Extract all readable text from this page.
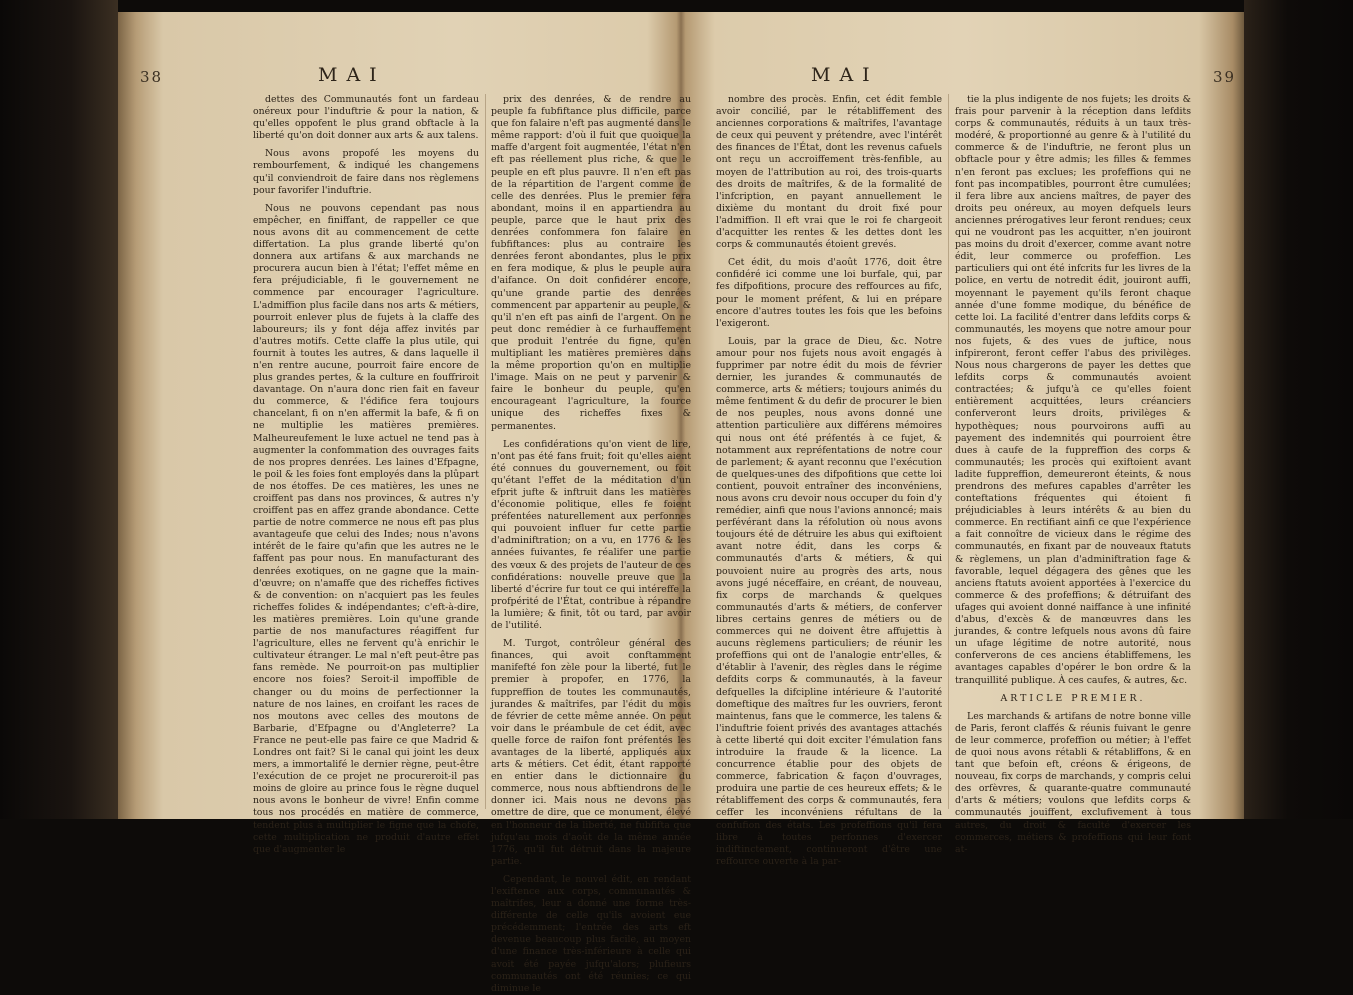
38	MAI

dettes des Communautés font un fardeau onéreux pour l'induftrie & pour la nation, & qu'elles oppofent le plus grand obftacle à la liberté qu'on doit donner aux arts & aux talens.

Nous avons propofé les moyens du rembourfement, & indiqué les changemens qu'il conviendroit de faire dans nos règlemens pour favorifer l'induftrie.

Nous ne pouvons cependant pas nous empêcher, en finiffant, de rappeller ce que nous avons dit au commencement de cette differtation. La plus grande liberté qu'on donnera aux artifans & aux marchands ne procurera aucun bien à l'état; l'effet même en fera préjudiciable, fi le gouvernement ne commence par encourager l'agriculture. L'admiffion plus facile dans nos arts & métiers, pourroit enlever plus de fujets à la claffe des laboureurs; ils y font déja affez invités par d'autres motifs. Cette claffe la plus utile, qui fournit à toutes les autres, & dans laquelle il n'en rentre aucune, pourroit faire encore de plus grandes pertes, & la culture en fouffriroit davantage. On n'aura donc rien fait en faveur du commerce, & l'édifice fera toujours chancelant, fi on n'en affermit la bafe, & fi on ne multiplie les matières premières. Malheureufement le luxe actuel ne tend pas à augmenter la confommation des ouvrages faits de nos propres denrées. Les laines d'Efpagne, le poil & les foies font employés dans la plûpart de nos étoffes. De ces matières, les unes ne croiffent pas dans nos provinces, & autres n'y croiffent pas en affez grande abondance. Cette partie de notre commerce ne nous eft pas plus avantageufe que celui des Indes; nous n'avons intérêt de le faire qu'afin que les autres ne le faffent pas pour nous. En manufacturant des denrées exotiques, on ne gagne que la main-d'œuvre; on n'amaffe que des richeffes fictives & de convention: on n'acquiert pas les feules richeffes folides & indépendantes; c'eft-à-dire, les matières premières. Loin qu'une grande partie de nos manufactures réagiffent fur l'agriculture, elles ne fervent qu'à enrichir le cultivateur étranger. Le mal n'eft peut-être pas fans remède. Ne pourroit-on pas multiplier encore nos foies? Seroit-il impoffible de changer ou du moins de perfectionner la nature de nos laines, en croifant les races de nos moutons avec celles des moutons de Barbarie, d'Efpagne ou d'Angleterre? La France ne peut-elle pas faire ce que Madrid & Londres ont fait? Si le canal qui joint les deux mers, a immortalifé le dernier règne, peut-être l'exécution de ce projet ne procureroit-il pas moins de gloire au prince fous le règne duquel nous avons le bonheur de vivre! Enfin comme tous nos procédés en matière de commerce, tendent plus à multiplier le figne que la chofe, cette multiplication ne produit d'autre effet que d'augmenter le

prix des denrées, & de rendre au peuple fa fubfiftance plus difficile, parce que fon falaire n'eft pas augmenté dans le même rapport: d'où il fuit que quoique la maffe d'argent foit augmentée, l'état n'en eft pas réellement plus riche, & que le peuple en eft plus pauvre. Il n'en eft pas de la répartition de l'argent comme de celle des denrées. Plus le premier fera abondant, moins il en appartiendra au peuple, parce que le haut prix des denrées confommera fon falaire en fubfiftances: plus au contraire les denrées feront abondantes, plus le prix en fera modique, & plus le peuple aura d'aifance. On doit confidérer encore, qu'une grande partie des denrées commencent par appartenir au peuple, & qu'il n'en eft pas ainfi de l'argent. On ne peut donc remédier à ce furhauffement que produit l'entrée du figne, qu'en multipliant les matières premières dans la même proportion qu'on en multiplie l'image. Mais on ne peut y parvenir & faire le bonheur du peuple, qu'en encourageant l'agriculture, la fource unique des richeffes fixes & permanentes.

Les confidérations qu'on vient de lire, n'ont pas été fans fruit; foit qu'elles aient été connues du gouvernement, ou foit qu'étant l'effet de la méditation d'un efprit jufte & inftruit dans les matières d'économie politique, elles fe foient préfentées naturellement aux perfonnes qui pouvoient influer fur cette partie d'adminiftration; on a vu, en 1776 & les années fuivantes, fe réalifer une partie des vœux & des projets de l'auteur de ces confidérations: nouvelle preuve que la liberté d'écrire fur tout ce qui intéreffe la profpérité de l'État, contribue à répandre la lumière; & finit, tôt ou tard, par avoir de l'utilité.

M. Turgot, contrôleur général des finances, qui avoit conftamment manifefté fon zèle pour la liberté, fut le premier à propofer, en 1776, la fuppreffion de toutes les communautés, jurandes & maîtrifes, par l'édit du mois de février de cette même année. On peut voir dans le préambule de cet édit, avec quelle force de raifon font préfentés les avantages de la liberté, appliqués aux arts & métiers. Cet édit, étant rapporté en entier dans le dictionnaire du commerce, nous nous abftiendrons de le donner ici. Mais nous ne devons pas omettre de dire, que ce monument, élevé en l'honneur de la liberté, ne fubfifta que jufqu'au mois d'août de la même année 1776, qu'il fut détruit dans la majeure partie.

Cependant, le nouvel édit, en rendant l'exiftence aux corps, communautés & maîtrifes, leur a donné une forme très-différente de celle qu'ils avoient eue précédemment; l'entrée des arts eft devenue beaucoup plus facile, au moyen d'une finance très-inférieure à celle qui avoit été payée jufqu'alors; plufieurs communautés ont été réunies; ce qui diminue le

MAI	39

nombre des procès. Enfin, cet édit femble avoir concilié, par le rétabliffement des anciennes corporations & maîtrifes, l'avantage de ceux qui peuvent y prétendre, avec l'intérêt des finances de l'État, dont les revenus cafuels ont reçu un accroiffement très-fenfible, au moyen de l'attribution au roi, des trois-quarts des droits de maîtrifes, & de la formalité de l'infcription, en payant annuellement le dixième du montant du droit fixé pour l'admiffion. Il eft vrai que le roi fe chargeoit d'acquitter les rentes & les dettes dont les corps & communautés étoient grevés.

Cet édit, du mois d'août 1776, doit être confidéré ici comme une loi burfale, qui, par fes difpofitions, procure des reffources au fifc, pour le moment préfent, & lui en prépare encore d'autres toutes les fois que les befoins l'exigeront.

Louis, par la grace de Dieu, &c. Notre amour pour nos fujets nous avoit engagés à fupprimer par notre édit du mois de février dernier, les jurandes & communautés de commerce, arts & métiers; toujours animés du même fentiment & du defir de procurer le bien de nos peuples, nous avons donné une attention particulière aux différens mémoires qui nous ont été préfentés à ce fujet, & notamment aux repréfentations de notre cour de parlement; & ayant reconnu que l'exécution de quelques-unes des difpofitions que cette loi contient, pouvoit entraîner des inconvéniens, nous avons cru devoir nous occuper du foin d'y remédier, ainfi que nous l'avions annoncé; mais perfévérant dans la réfolution où nous avons toujours été de détruire les abus qui exiftoient avant notre édit, dans les corps & communautés d'arts & métiers, & qui pouvoient nuire au progrès des arts, nous avons jugé néceffaire, en créant, de nouveau, fix corps de marchands & quelques communautés d'arts & métiers, de conferver libres certains genres de métiers ou de commerces qui ne doivent être affujettis à aucuns règlemens particuliers; de réunir les profeffions qui ont de l'analogie entr'elles, & d'établir à l'avenir, des règles dans le régime defdits corps & communautés, à la faveur defquelles la difcipline intérieure & l'autorité domeftique des maîtres fur les ouvriers, feront maintenus, fans que le commerce, les talens & l'induftrie foient privés des avantages attachés à cette liberté qui doit exciter l'émulation fans introduire la fraude & la licence. La concurrence établie pour des objets de commerce, fabrication & façon d'ouvrages, produira une partie de ces heureux effets; & le rétabliffement des corps & communautés, fera ceffer les inconvéniens réfultans de la confufion des états. Les profeffions qu'il fera libre à toutes perfonnes d'exercer indiftinctement, continueront d'être une reffource ouverte à la par-

tie la plus indigente de nos fujets; les droits & frais pour parvenir à la réception dans lefdits corps & communautés, réduits à un taux très-modéré, & proportionné au genre & à l'utilité du commerce & de l'induftrie, ne feront plus un obftacle pour y être admis; les filles & femmes n'en feront pas exclues; les profeffions qui ne font pas incompatibles, pourront être cumulées; il fera libre aux anciens maîtres, de payer des droits peu onéreux, au moyen defquels leurs anciennes prérogatives leur feront rendues; ceux qui ne voudront pas les acquitter, n'en jouiront pas moins du droit d'exercer, comme avant notre édit, leur commerce ou profeffion. Les particuliers qui ont été infcrits fur les livres de la police, en vertu de notredit édit, jouiront auffi, moyennant le payement qu'ils feront chaque année d'une fomme modique, du bénéfice de cette loi. La facilité d'entrer dans lefdits corps & communautés, les moyens que notre amour pour nos fujets, & des vues de juftice, nous infpireront, feront ceffer l'abus des privilèges. Nous nous chargerons de payer les dettes que lefdits corps & communautés avoient contractées; & jufqu'à ce qu'elles foient entièrement acquittées, leurs créanciers conferveront leurs droits, privilèges & hypothèques; nous pourvoirons auffi au payement des indemnités qui pourroient être dues à caufe de la fuppreffion des corps & communautés; les procès qui exiftoient avant ladite fuppreffion, demeureront éteints, & nous prendrons des mefures capables d'arrêter les conteftations fréquentes qui étoient fi préjudiciables à leurs intérêts & au bien du commerce. En rectifiant ainfi ce que l'expérience a fait connoître de vicieux dans le régime des communautés, en fixant par de nouveaux ftatuts & règlemens, un plan d'adminiftration fage & favorable, lequel dégagera des gênes que les anciens ftatuts avoient apportées à l'exercice du commerce & des profeffions; & détruifant des ufages qui avoient donné naiffance à une infinité d'abus, d'excès & de manœuvres dans les jurandes, & contre lefquels nous avons dû faire un ufage légitime de notre autorité, nous conferverons de ces anciens établiffemens, les avantages capables d'opérer le bon ordre & la tranquillité publique. À ces caufes, & autres, &c.

ARTICLE PREMIER.

Les marchands & artifans de notre bonne ville de Paris, feront claffés & réunis fuivant le genre de leur commerce, profeffion ou métier; à l'effet de quoi nous avons rétabli & rétabliffons, & en tant que befoin eft, créons & érigeons, de nouveau, fix corps de marchands, y compris celui des orfèvres, & quarante-quatre communauté d'arts & métiers; voulons que lefdits corps & communautés jouiffent, exclufivement à tous autres, du droit & faculté d'exercer les commerces, métiers & profeffions qui leur font at-
